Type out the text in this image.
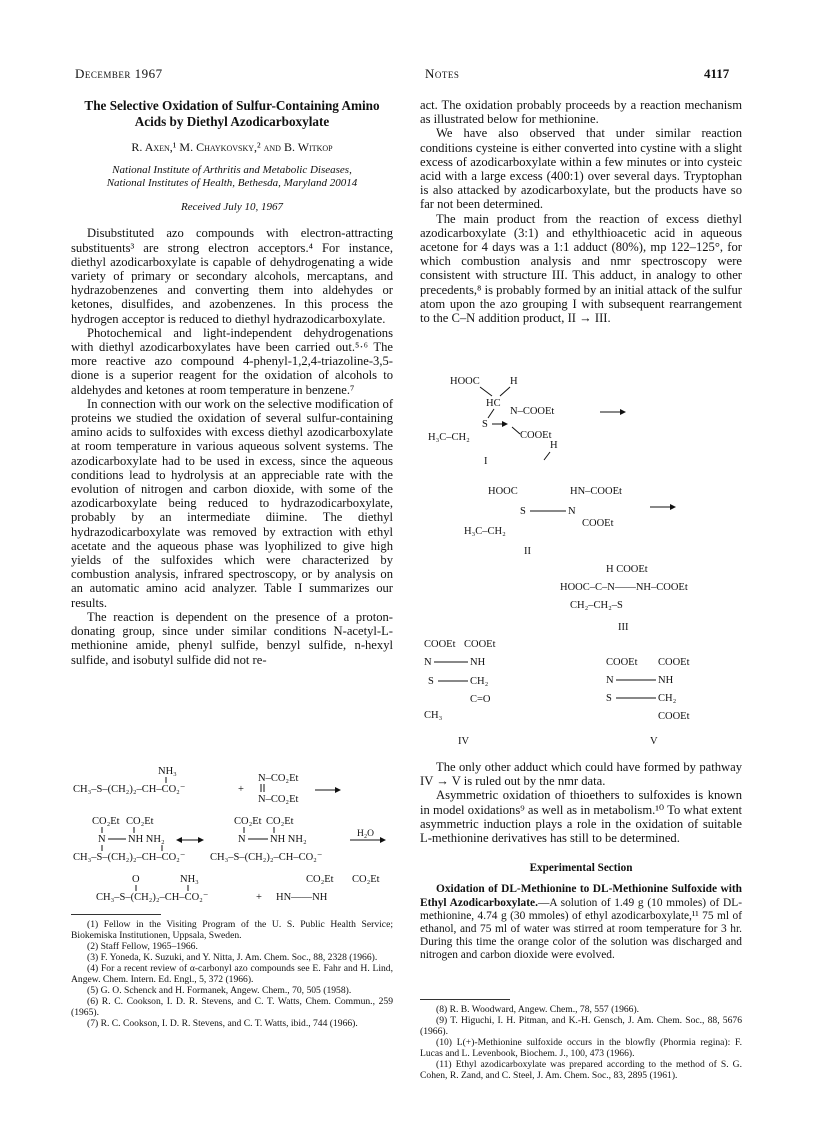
December 1967	Notes	4117
The Selective Oxidation of Sulfur-Containing Amino Acids by Diethyl Azodicarboxylate
R. Axen,¹ M. Chaykovsky,² and B. Witkop
National Institute of Arthritis and Metabolic Diseases,
National Institutes of Health, Bethesda, Maryland 20014
Received July 10, 1967

Disubstituted azo compounds with electron-attracting substituents³ are strong electron acceptors.⁴ For instance, diethyl azodicarboxylate is capable of dehydrogenating a wide variety of primary or secondary alcohols, mercaptans, and hydrazobenzenes and converting them into aldehydes or ketones, disulfides, and azobenzenes. In this process the hydrogen acceptor is reduced to diethyl hydrazodicarboxylate.

Photochemical and light-independent dehydrogenations with diethyl azodicarboxylates have been carried out.⁵·⁶ The more reactive azo compound 4-phenyl-1,2,4-triazoline-3,5-dione is a superior reagent for the oxidation of alcohols to aldehydes and ketones at room temperature in benzene.⁷

In connection with our work on the selective modification of proteins we studied the oxidation of several sulfur-containing amino acids to sulfoxides with excess diethyl azodicarboxylate at room temperature in various aqueous solvent systems. The azodicarboxylate had to be used in excess, since the aqueous conditions lead to hydrolysis at an appreciable rate with the evolution of nitrogen and carbon dioxide, with some of the azodicarboxylate being reduced to hydrazodicarboxylate, probably by an intermediate diimine. The diethyl hydrazodicarboxylate was removed by extraction with ethyl acetate and the aqueous phase was lyophilized to give high yields of the sulfoxides which were characterized by combustion analysis, infrared spectroscopy, or by analysis on an automatic amino acid analyzer. Table I summarizes our results.

The reaction is dependent on the presence of a proton-donating group, since under similar conditions N-acetyl-L-methionine amide, phenyl sulfide, benzyl sulfide, n-hexyl sulfide, and isobutyl sulfide did not re-

NH₃
CH₃–S–(CH₂)₂–CH–CO₂⁻	+
N–CO₂Et
N–CO₂Et
CO₂Et CO₂Et
N NH NH₂
CH₃–S–(CH₂)₂–CH–CO₂⁻
CO₂Et CO₂Et
N NH NH₂
CH₃–S–(CH₂)₂–CH–CO₂⁻
H₂O
O	NH₃
CH₃–S–(CH₂)₂–CH–CO₂⁻	+
CO₂Et CO₂Et
HN——NH

(1) Fellow in the Visiting Program of the U. S. Public Health Service; Biokemiska Institutionen, Uppsala, Sweden.

(2) Staff Fellow, 1965–1966.

(3) F. Yoneda, K. Suzuki, and Y. Nitta, J. Am. Chem. Soc., 88, 2328 (1966).

(4) For a recent review of α-carbonyl azo compounds see E. Fahr and H. Lind, Angew. Chem. Intern. Ed. Engl., 5, 372 (1966).

(5) G. O. Schenck and H. Formanek, Angew. Chem., 70, 505 (1958).

(6) R. C. Cookson, I. D. R. Stevens, and C. T. Watts, Chem. Commun., 259 (1965).

(7) R. C. Cookson, I. D. R. Stevens, and C. T. Watts, ibid., 744 (1966).

act. The oxidation probably proceeds by a reaction mechanism as illustrated below for methionine.

We have also observed that under similar reaction conditions cysteine is either converted into cystine with a slight excess of azodicarboxylate within a few minutes or into cysteic acid with a large excess (400:1) over several days. Tryptophan is also attacked by azodicarboxylate, but the products have so far not been determined.

The main product from the reaction of excess diethyl azodicarboxylate (3:1) and ethylthioacetic acid in aqueous acetone for 4 days was a 1:1 adduct (80%), mp 122–125°, for which combustion analysis and nmr spectroscopy were consistent with structure III. This adduct, in analogy to other precedents,⁸ is probably formed by an initial attack of the sulfur atom upon the azo grouping I with subsequent rearrangement to the C–N addition product, II → III.

HOOC	H
HC
N–COOEt
S
COOEt
H₃C–CH₂
I
H
HOOC	HN–COOEt
S	N
COOEt
H₃C–CH₂
II
H COOEt
HOOC–C–N——NH–COOEt
CH₂–CH₂–S
III
COOEt COOEt
N	NH
S	CH₂
C=O
CH₃
IV
COOEt COOEt
N	NH
S	CH₂
COOEt
V

The only other adduct which could have formed by pathway IV → V is ruled out by the nmr data.

Asymmetric oxidation of thioethers to sulfoxides is known in model oxidations⁹ as well as in metabolism.¹⁰ To what extent asymmetric induction plays a role in the oxidation of suitable L-methionine derivatives has still to be determined.

Experimental Section

Oxidation of DL-Methionine to DL-Methionine Sulfoxide with Ethyl Azodicarboxylate.—A solution of 1.49 g (10 mmoles) of DL-methionine, 4.74 g (30 mmoles) of ethyl azodicarboxylate,¹¹ 75 ml of ethanol, and 75 ml of water was stirred at room temperature for 3 hr. During this time the orange color of the solution was discharged and nitrogen and carbon dioxide were evolved.

(8) R. B. Woodward, Angew. Chem., 78, 557 (1966).

(9) T. Higuchi, I. H. Pitman, and K.-H. Gensch, J. Am. Chem. Soc., 88, 5676 (1966).

(10) L(+)-Methionine sulfoxide occurs in the blowfly (Phormia regina): F. Lucas and L. Levenbook, Biochem. J., 100, 473 (1966).

(11) Ethyl azodicarboxylate was prepared according to the method of S. G. Cohen, R. Zand, and C. Steel, J. Am. Chem. Soc., 83, 2895 (1961).
